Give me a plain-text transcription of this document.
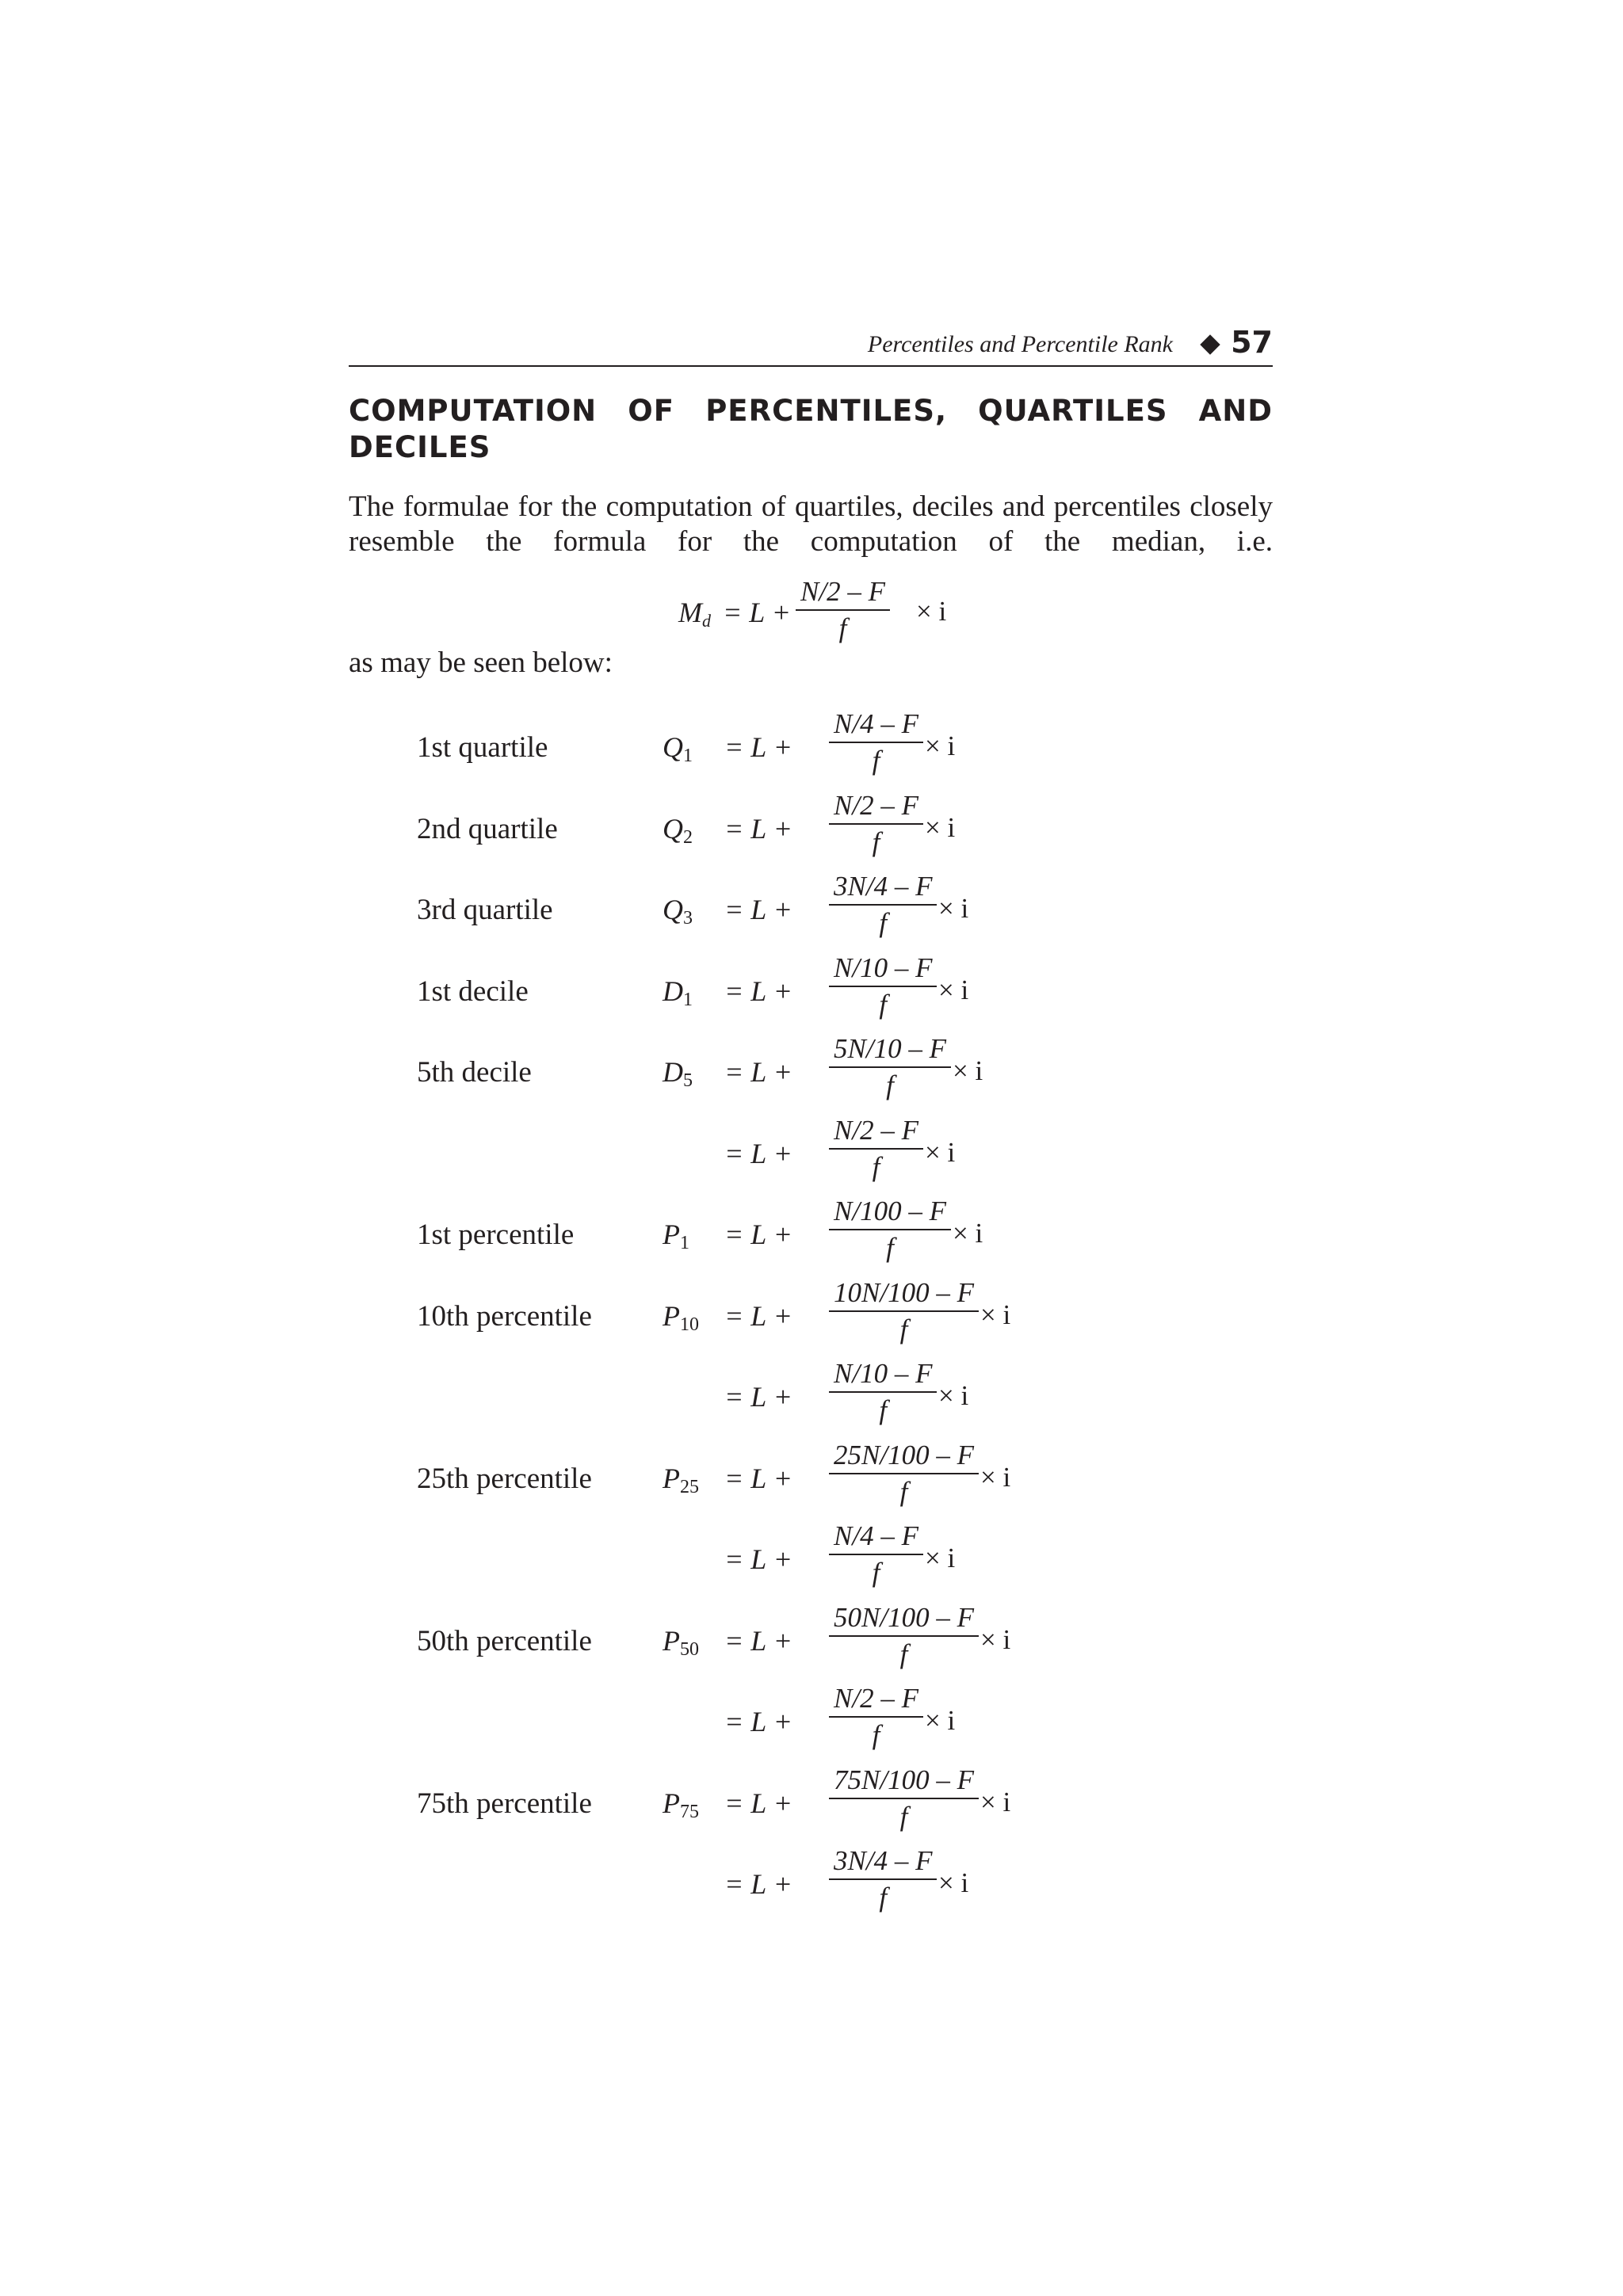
Percentiles and Percentile Rank 57
COMPUTATION OF PERCENTILES, QUARTILES AND DECILES
The formulae for the computation of quartiles, deciles and percentiles closely resemble the formula for the computation of the median, i.e.
$M_d = L$ +
N/2 – F
f
× i
as may be seen below:
1st quartile	$Q_1 = L$ +
N/4 – F
f	× i
2nd quartile	$Q_2 = L$ +
N/2 – F
f	× i
3rd quartile	$Q_3 = L$ +
3N/4 – F
f	× i
1st decile	$D_1 = L$ +
N/10 – F
f	× i
5th decile	$D_5 = L$ +
5N/10 – F
f	× i
= L +
N/2 – F
f	× i
1st percentile	$P_1 = L$ +
N/100 – F
f	× i
10th percentile $P_{10} = L$ +
10N/100 – F
f	× i
= L +
N/10 – F
f	× i
25th percentile $P_{25} = L$ +
25N/100 – F
f	× i
= L +
N/4 – F
f	× i
50th percentile $P_{50} = L$ +
50N/100 – F
f	× i
= L +
N/2 – F
f	× i
75th percentile $P_{75} = L$ +
75N/100 – F
f	× i
= L +
3N/4 – F
f	× i
